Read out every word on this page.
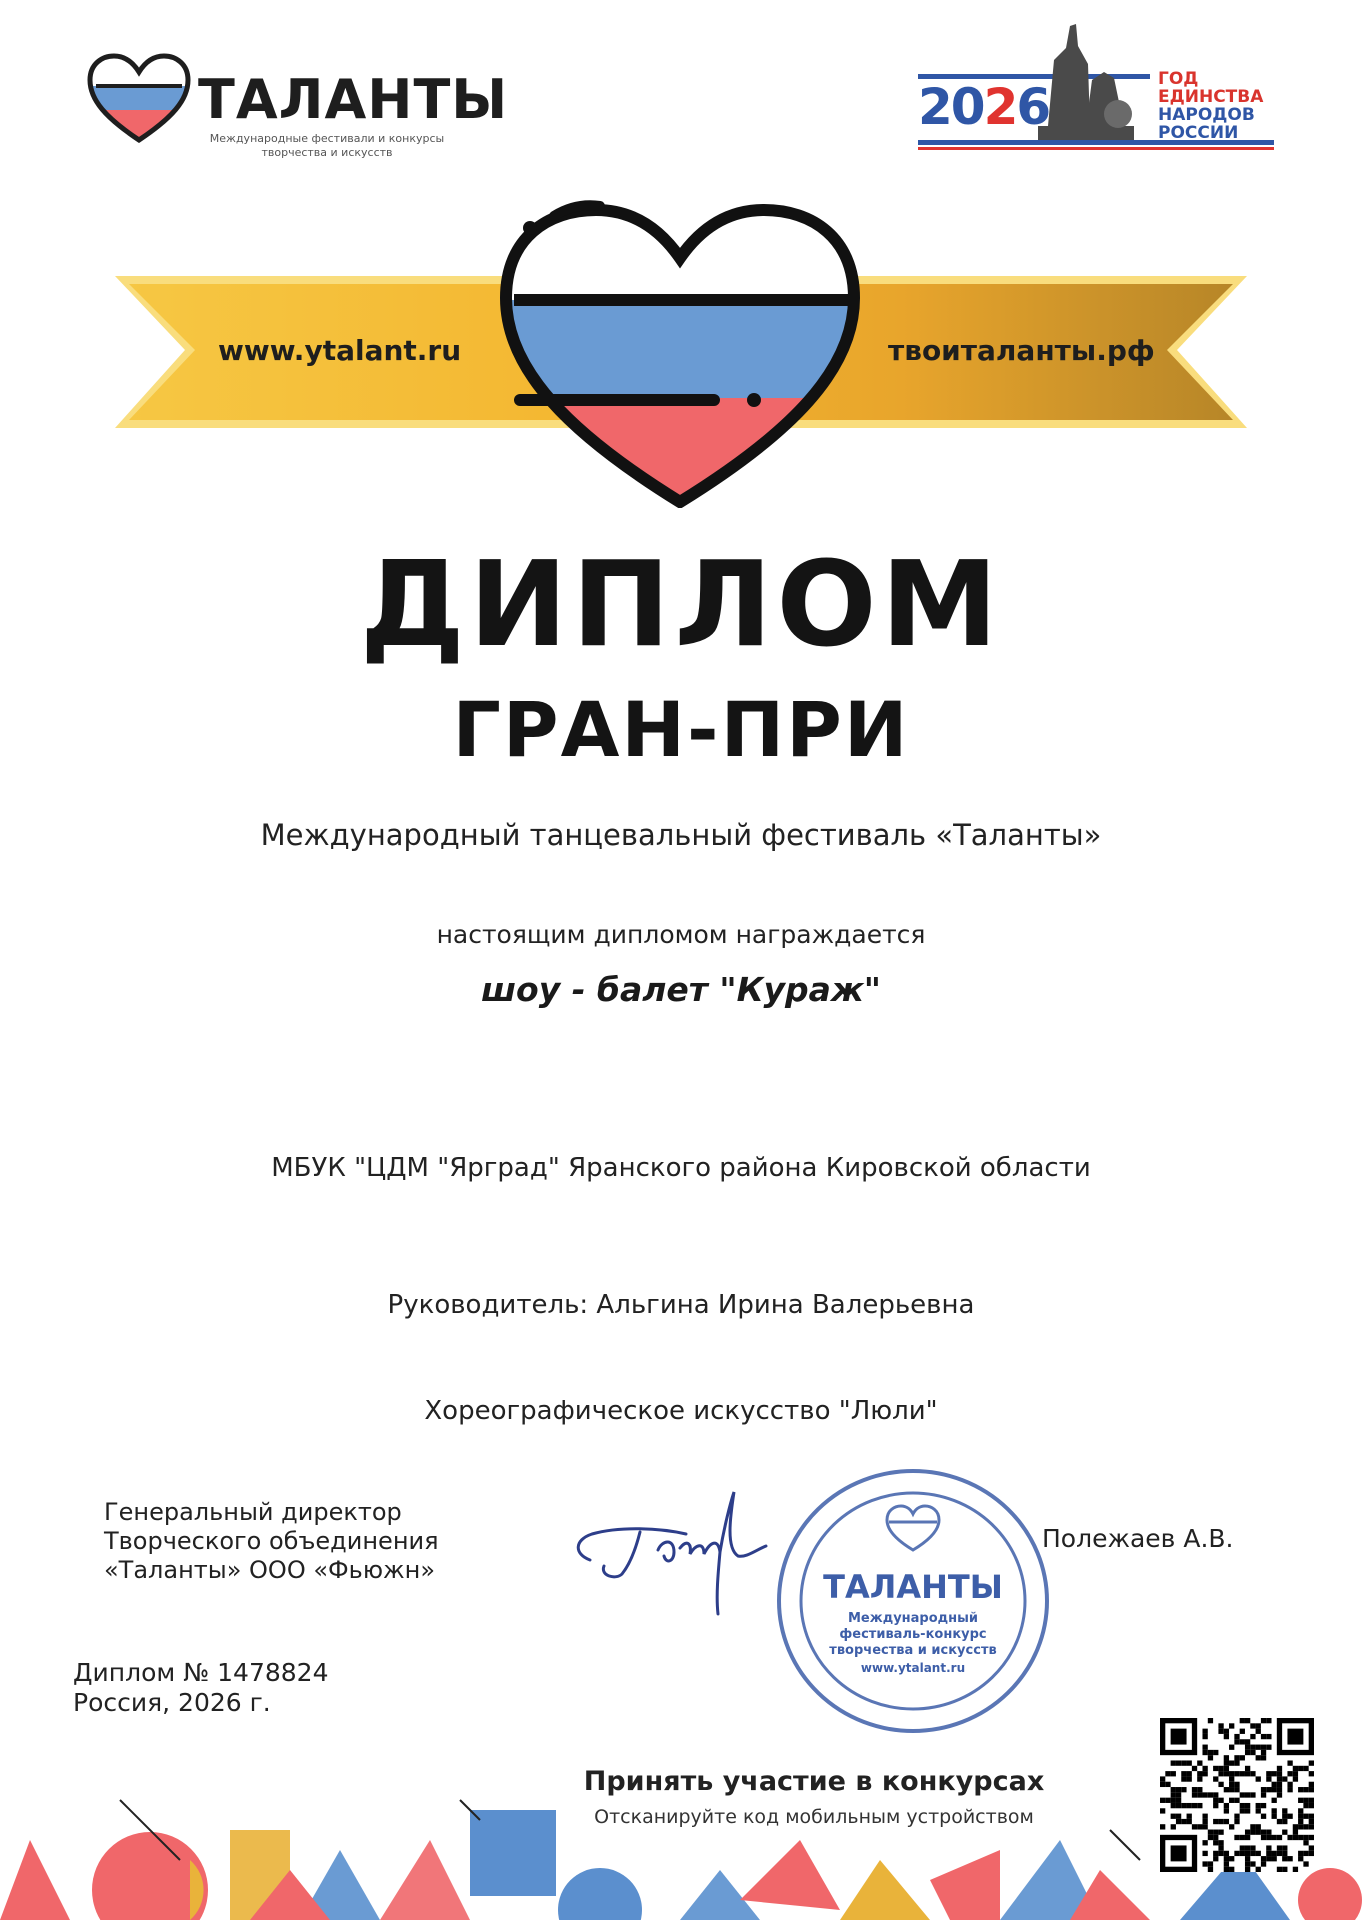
ТАЛАНТЫ
Международные фестивали и конкурсы творчества и искусств
2026	ГОД
ЕДИНСТВА
НАРОДОВ
РОССИИ
www.ytalant.ru	твоиталанты.рф
ДИПЛОМ
ГРАН-ПРИ
Международный танцевальный фестиваль «Таланты»
настоящим дипломом награждается
шоу - балет "Кураж"
МБУК "ЦДМ "Ярград" Яранского района Кировской области
Руководитель: Альгина Ирина Валерьевна
Хореографическое искусство "Люли"
Генеральный директор
Творческого объединения
«Таланты» ООО «Фьюжн»	ТАЛАНТЫ
Международный
фестиваль-конкурс
творчества и искусств
www.ytalant.ru
Полежаев А.В.
Диплом № 1478824
Россия, 2026 г.
Принять участие в конкурсах
Отсканируйте код мобильным устройством
